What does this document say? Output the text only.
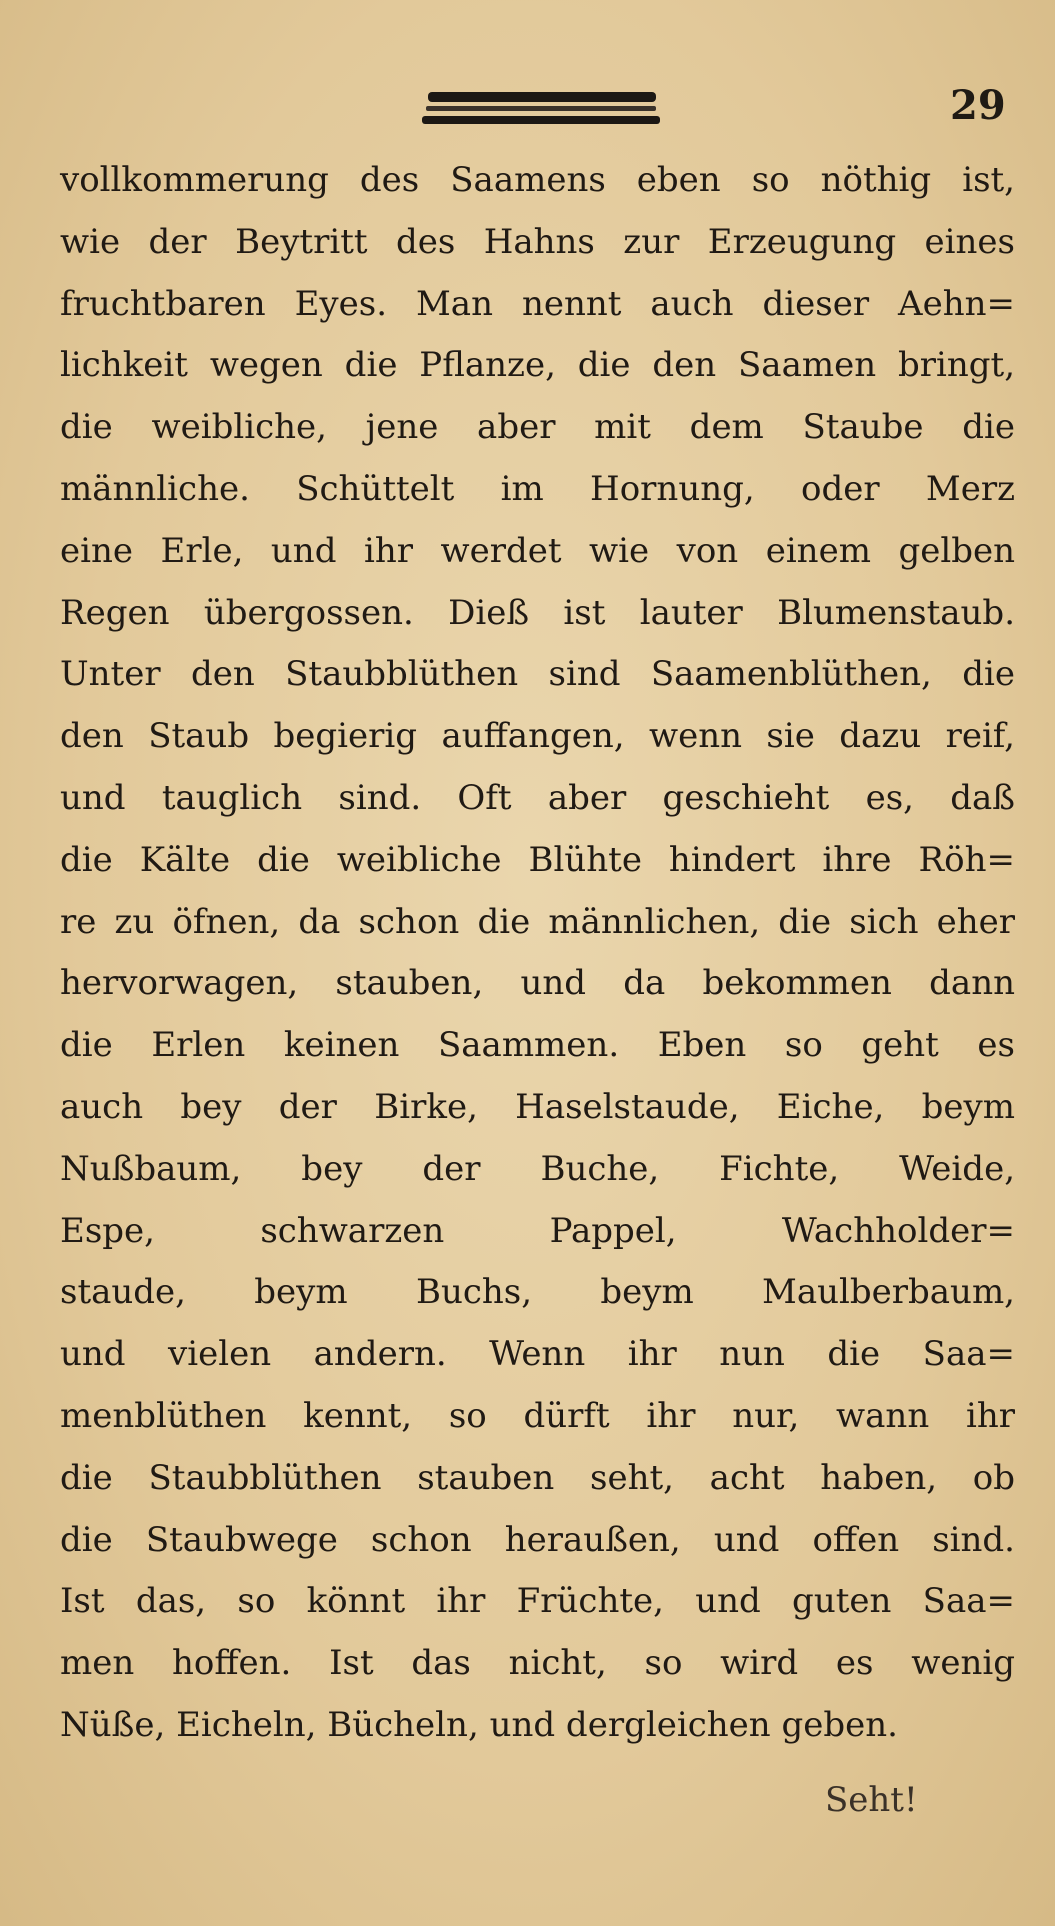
29
vollkommerung des Saamens eben so nöthig ist,
wie der Beytritt des Hahns zur Erzeugung eines
fruchtbaren Eyes. Man nennt auch dieser Aehn=
lichkeit wegen die Pflanze, die den Saamen bringt,
die weibliche, jene aber mit dem Staube die
männliche. Schüttelt im Hornung, oder Merz
eine Erle, und ihr werdet wie von einem gelben
Regen übergossen. Dieß ist lauter Blumenstaub.
Unter den Staubblüthen sind Saamenblüthen, die
den Staub begierig auffangen, wenn sie dazu reif,
und tauglich sind. Oft aber geschieht es, daß
die Kälte die weibliche Blühte hindert ihre Röh=
re zu öfnen, da schon die männlichen, die sich eher
hervorwagen, stauben, und da bekommen dann
die Erlen keinen Saammen. Eben so geht es
auch bey der Birke, Haselstaude, Eiche, beym
Nußbaum, bey der Buche, Fichte, Weide,
Espe, schwarzen Pappel, Wachholder=
staude, beym Buchs, beym Maulberbaum,
und vielen andern. Wenn ihr nun die Saa=
menblüthen kennt, so dürft ihr nur, wann ihr
die Staubblüthen stauben seht, acht haben, ob
die Staubwege schon heraußen, und offen sind.
Ist das, so könnt ihr Früchte, und guten Saa=
men hoffen. Ist das nicht, so wird es wenig
Nüße, Eicheln, Bücheln, und dergleichen geben.
Seht!
